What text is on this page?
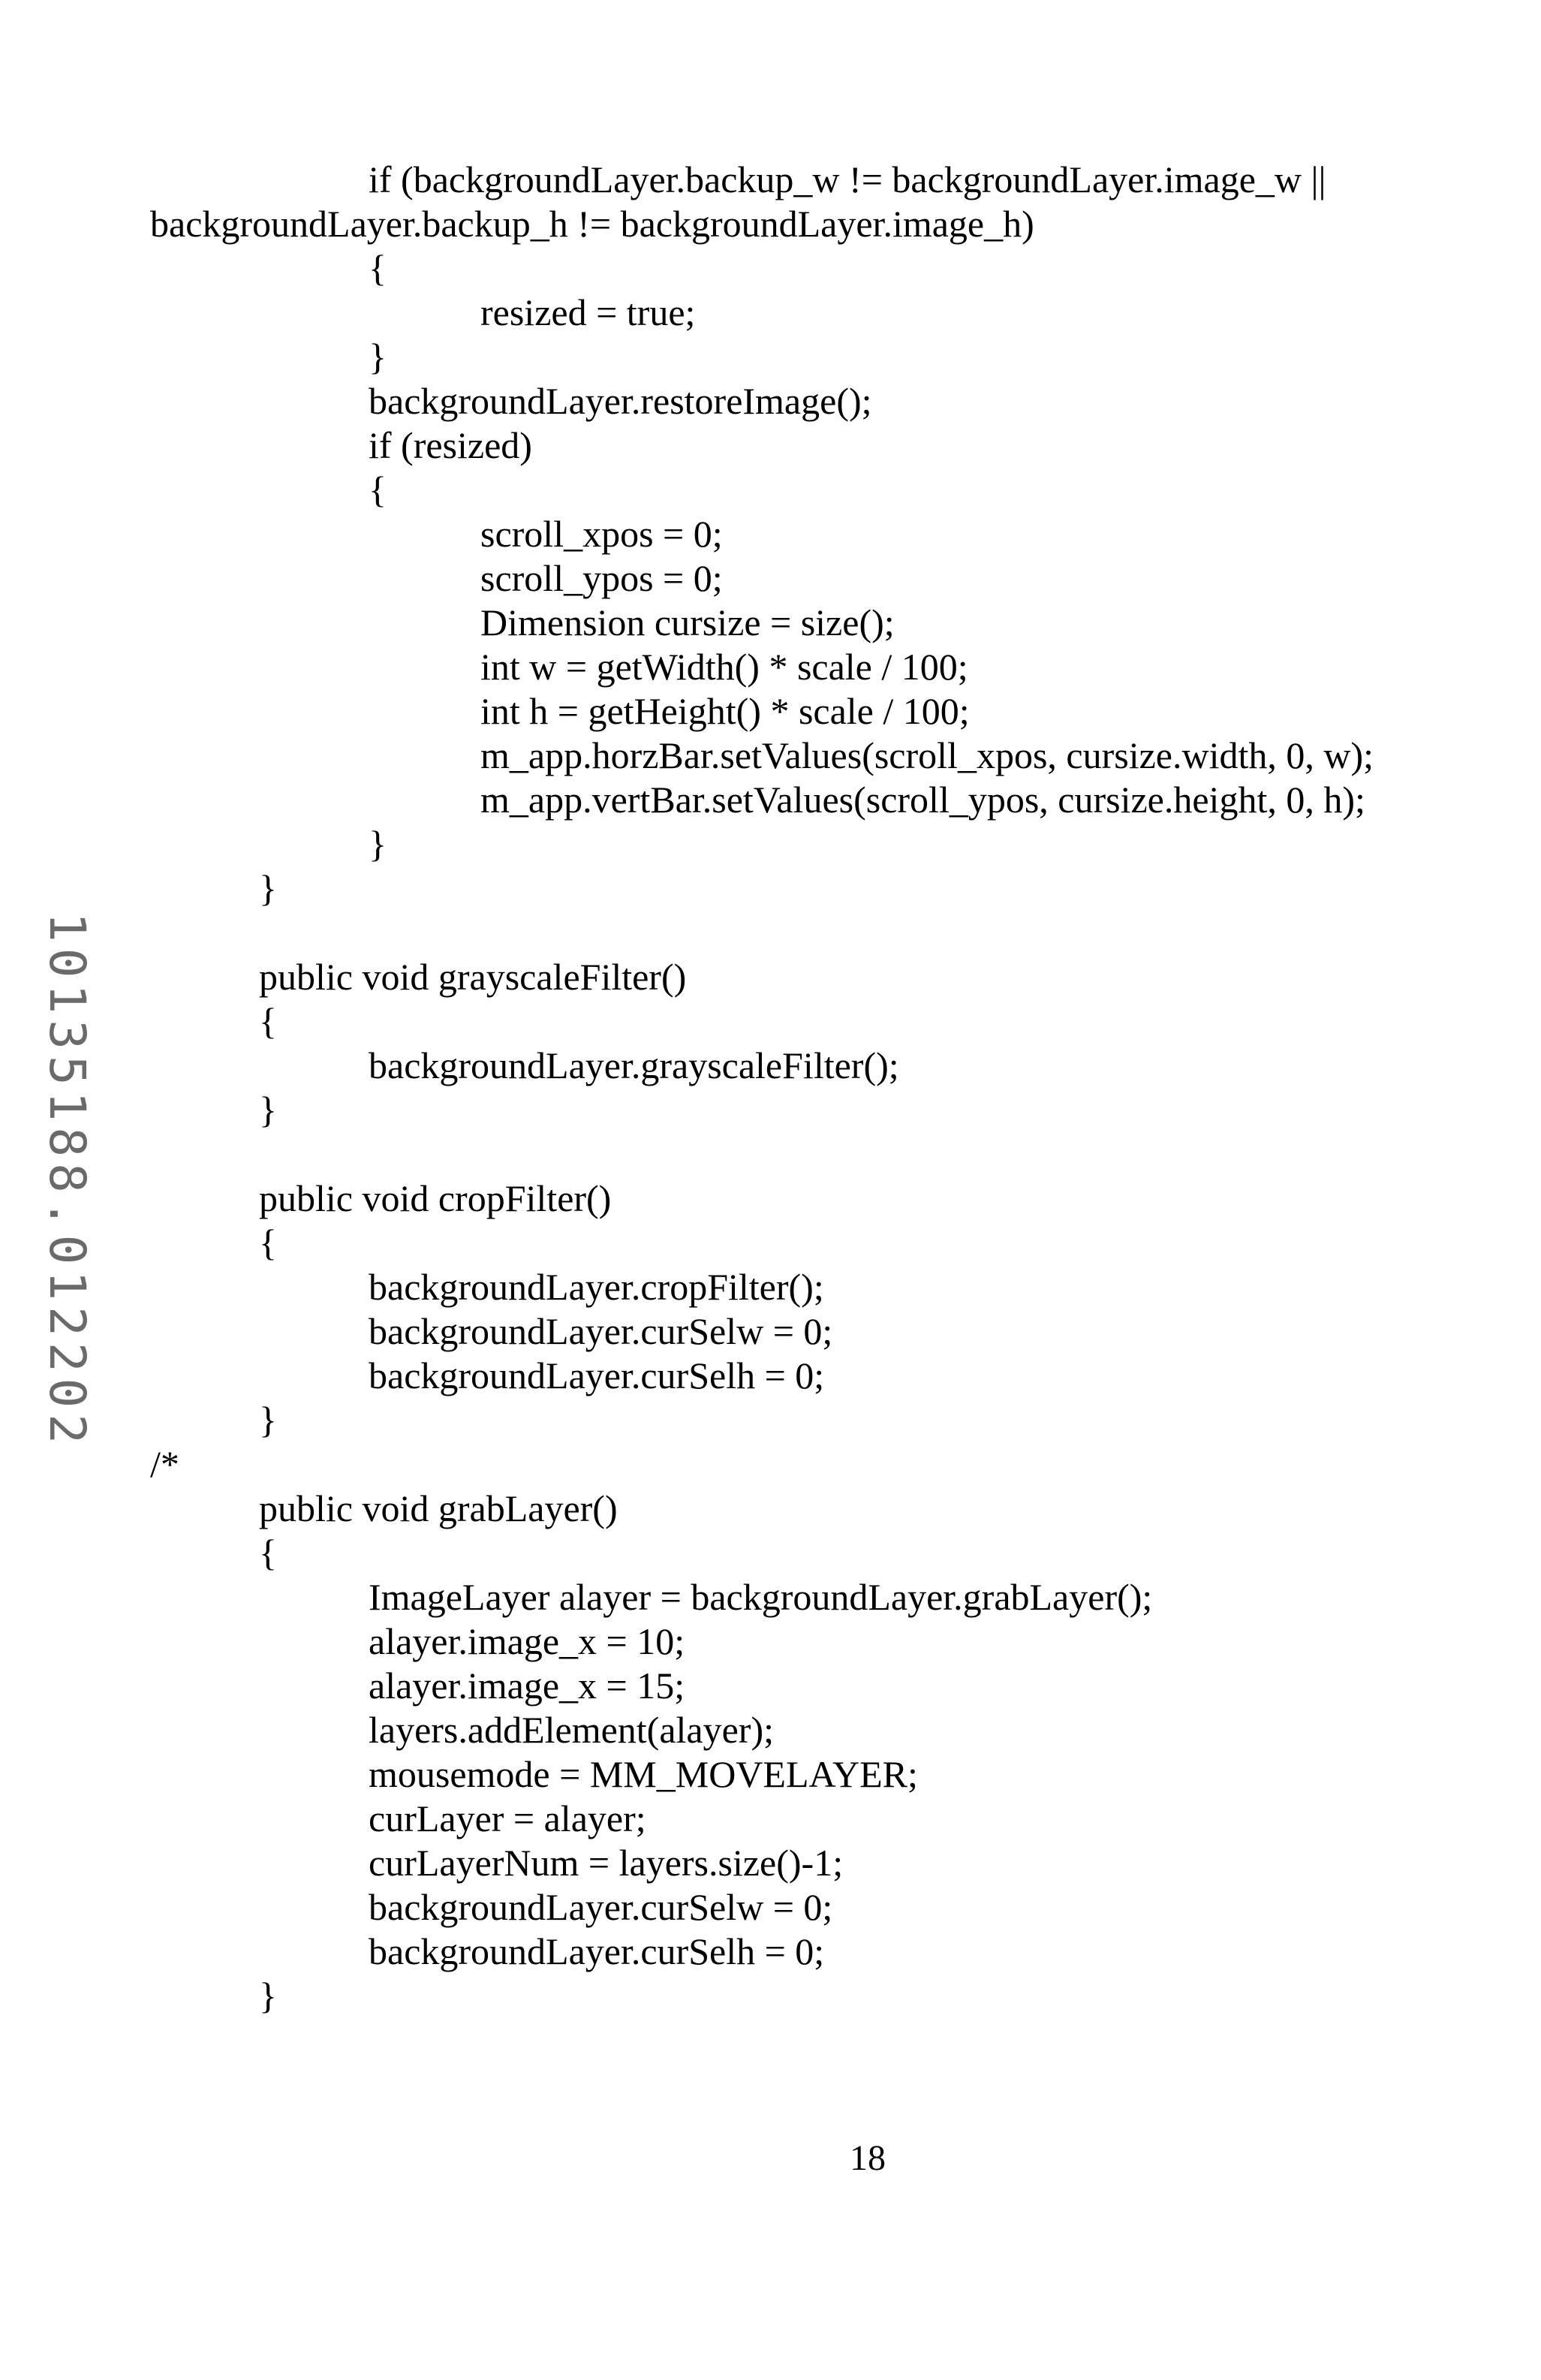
10135188.012202
if (backgroundLayer.backup_w != backgroundLayer.image_w ||
backgroundLayer.backup_h != backgroundLayer.image_h)
{
resized = true;
}
backgroundLayer.restoreImage();
if (resized)
{
scroll_xpos = 0;
scroll_ypos = 0;
Dimension cursize = size();
int w = getWidth() * scale / 100;
int h = getHeight() * scale / 100;
m_app.horzBar.setValues(scroll_xpos, cursize.width, 0, w);
m_app.vertBar.setValues(scroll_ypos, cursize.height, 0, h);
}
}
public void grayscaleFilter()
{
backgroundLayer.grayscaleFilter();
}
public void cropFilter()
{
backgroundLayer.cropFilter();
backgroundLayer.curSelw = 0;
backgroundLayer.curSelh = 0;
}
/*
public void grabLayer()
{
ImageLayer alayer = backgroundLayer.grabLayer();
alayer.image_x = 10;
alayer.image_x = 15;
layers.addElement(alayer);
mousemode = MM_MOVELAYER;
curLayer = alayer;
curLayerNum = layers.size()-1;
backgroundLayer.curSelw = 0;
backgroundLayer.curSelh = 0;
}
18
